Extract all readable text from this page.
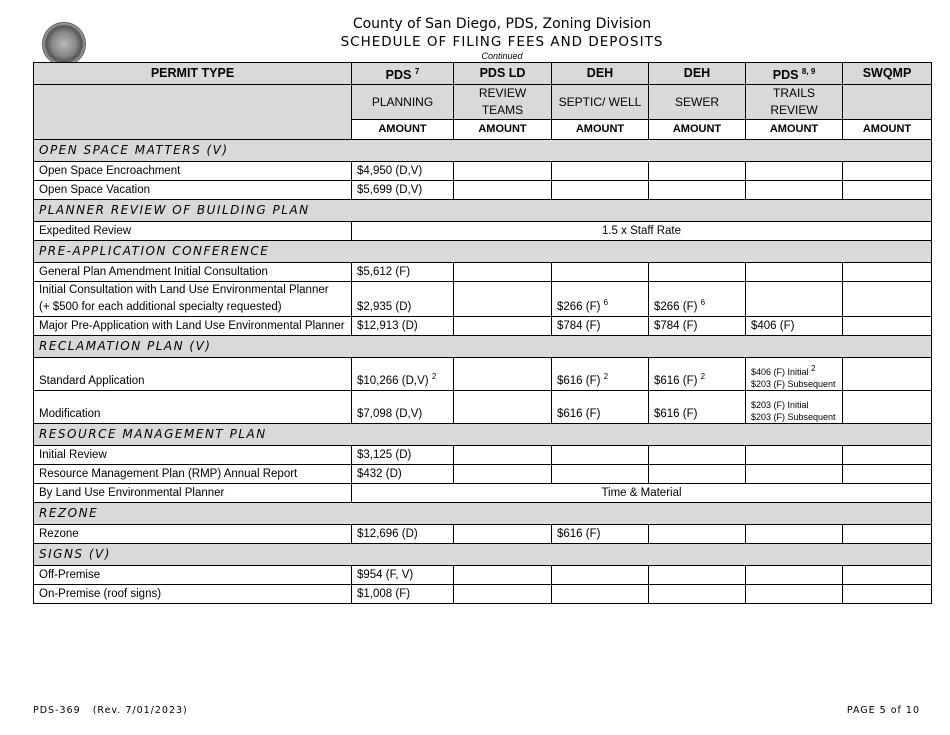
County of San Diego, PDS, Zoning Division
SCHEDULE OF FILING FEES AND DEPOSITS
Continued
PERMIT TYPE	PDS $^7$	PDS LD	DEH	DEH	PDS $^{8, 9}$	SWQMP
	PLANNING	REVIEW TEAMS	SEPTIC/ WELL	SEWER	TRAILS REVIEW	
	AMOUNT	AMOUNT	AMOUNT	AMOUNT	AMOUNT	AMOUNT
OPEN SPACE MATTERS (V)						

Open Space Encroachment	$4,950 (D,V)					

Open Space Vacation	$5,699 (D,V)					
PLANNER REVIEW OF BUILDING PLAN						

Expedited Review	1.5 x Staff Rate					
PRE-APPLICATION CONFERENCE						

General Plan Amendment Initial Consultation	$5,612 (F)					

Initial Consultation with Land Use Environmental Planner
(+ $500 for each additional specialty requested)	$2,935 (D)		$266 (F) $^6$	$266 (F) $^6$		

Major Pre-Application with Land Use Environmental Planner	$12,913 (D)		$784 (F)	$784 (F)	$406 (F)	
RECLAMATION PLAN (V)						

Standard Application	$10,266 (D,V) $^2$		$616 (F) $^2$	$616 (F) $^2$	$406 (F) Initial $^2$
$203 (F) Subsequent	

Modification	$7,098 (D,V)		$616 (F)	$616 (F)	$203 (F) Initial
$203 (F) Subsequent	

RESOURCE MANAGEMENT PLAN						

Initial Review	$3,125 (D)					

Resource Management Plan (RMP) Annual Report	$432 (D)					

By Land Use Environmental Planner	Time & Material					
REZONE						

Rezone	$12,696 (D)		$616 (F)			
SIGNS (V)						

Off-Premise	$954 (F, V)					

On-Premise (roof signs)	$1,008 (F)					
PDS-369   (Rev. 7/01/2023)	PAGE 5 of 10
